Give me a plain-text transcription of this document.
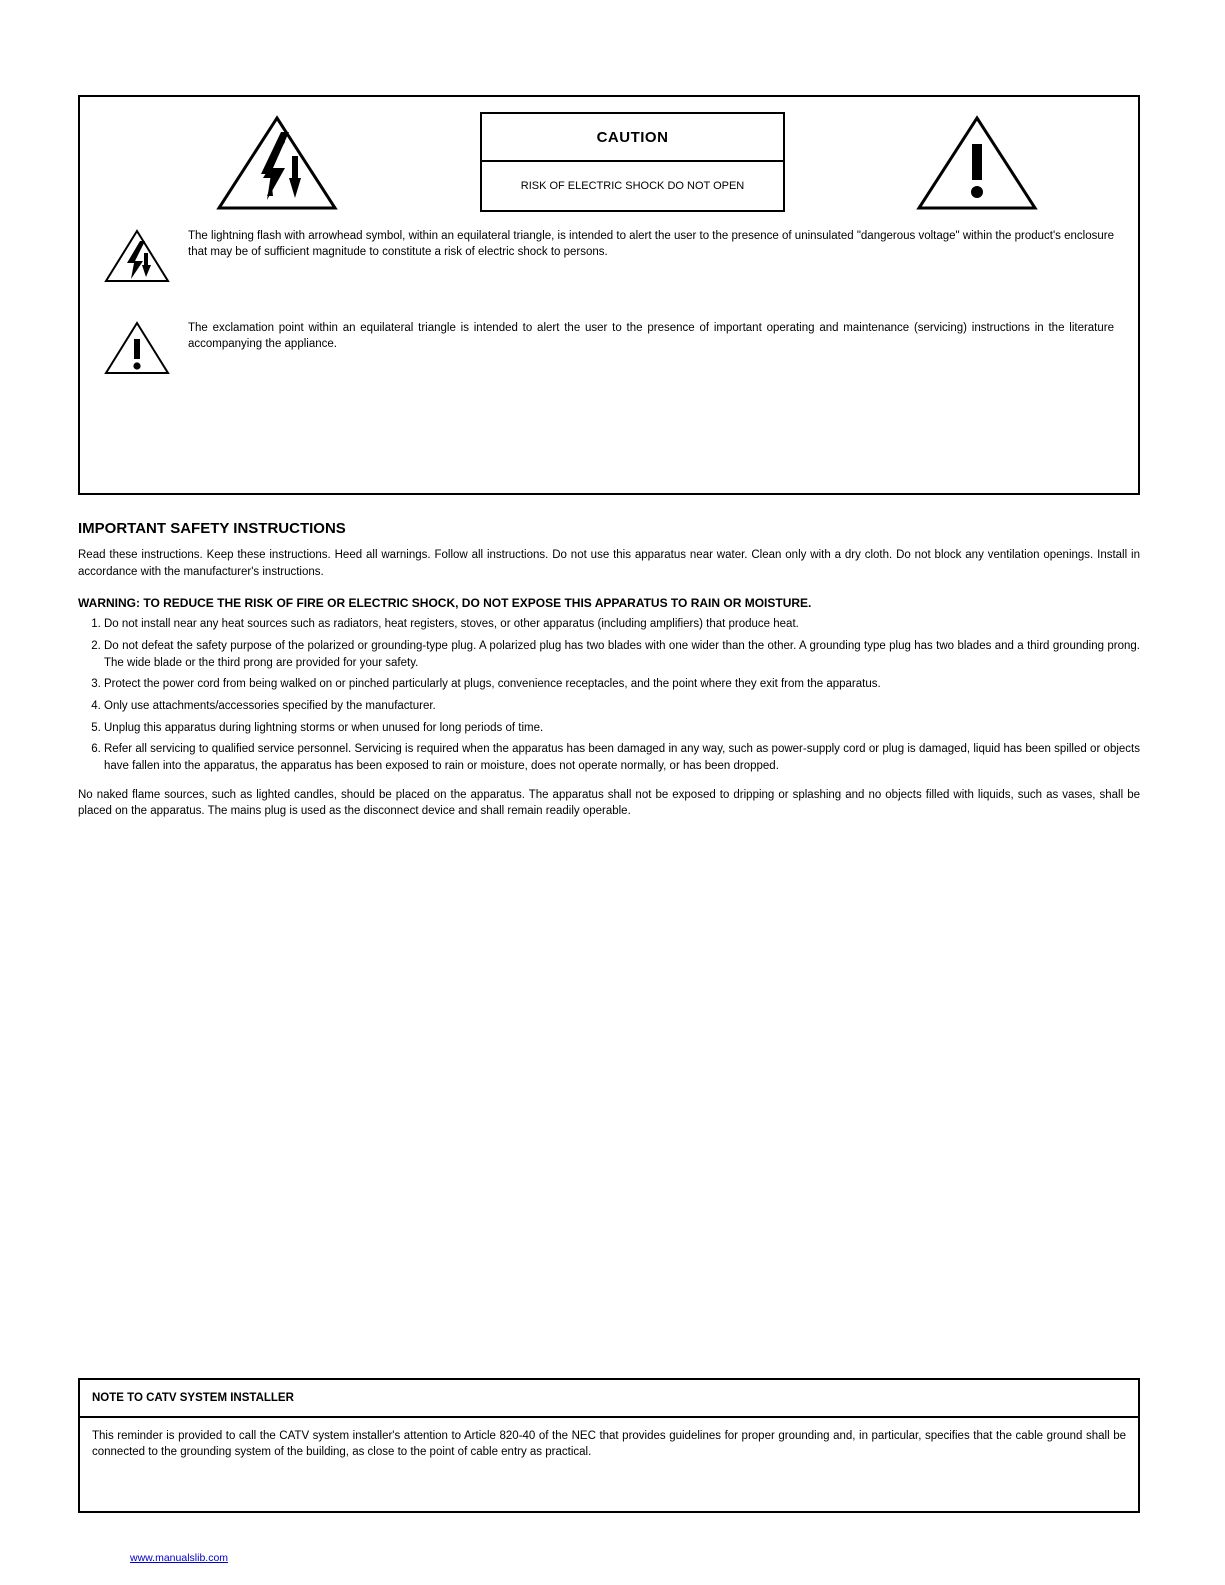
CAUTION
RISK OF ELECTRIC SHOCK DO NOT OPEN
The lightning flash with arrowhead symbol, within an equilateral triangle, is intended to alert the user to the presence of uninsulated "dangerous voltage" within the product's enclosure that may be of sufficient magnitude to constitute a risk of electric shock to persons.
The exclamation point within an equilateral triangle is intended to alert the user to the presence of important operating and maintenance (servicing) instructions in the literature accompanying the appliance.
IMPORTANT SAFETY INSTRUCTIONS
Read these instructions. Keep these instructions. Heed all warnings. Follow all instructions. Do not use this apparatus near water. Clean only with a dry cloth. Do not block any ventilation openings. Install in accordance with the manufacturer's instructions.
WARNING: TO REDUCE THE RISK OF FIRE OR ELECTRIC SHOCK, DO NOT EXPOSE THIS APPARATUS TO RAIN OR MOISTURE.
1. Do not install near any heat sources such as radiators, heat registers, stoves, or other apparatus (including amplifiers) that produce heat.
2. Do not defeat the safety purpose of the polarized or grounding-type plug. A polarized plug has two blades with one wider than the other. A grounding type plug has two blades and a third grounding prong. The wide blade or the third prong are provided for your safety.
3. Protect the power cord from being walked on or pinched particularly at plugs, convenience receptacles, and the point where they exit from the apparatus.
4. Only use attachments/accessories specified by the manufacturer.
5. Unplug this apparatus during lightning storms or when unused for long periods of time.
6. Refer all servicing to qualified service personnel. Servicing is required when the apparatus has been damaged in any way, such as power-supply cord or plug is damaged, liquid has been spilled or objects have fallen into the apparatus, the apparatus has been exposed to rain or moisture, does not operate normally, or has been dropped.
No naked flame sources, such as lighted candles, should be placed on the apparatus. The apparatus shall not be exposed to dripping or splashing and no objects filled with liquids, such as vases, shall be placed on the apparatus. The mains plug is used as the disconnect device and shall remain readily operable.
NOTE TO CATV SYSTEM INSTALLER
This reminder is provided to call the CATV system installer's attention to Article 820-40 of the NEC that provides guidelines for proper grounding and, in particular, specifies that the cable ground shall be connected to the grounding system of the building, as close to the point of cable entry as practical.
www.manualslib.com
